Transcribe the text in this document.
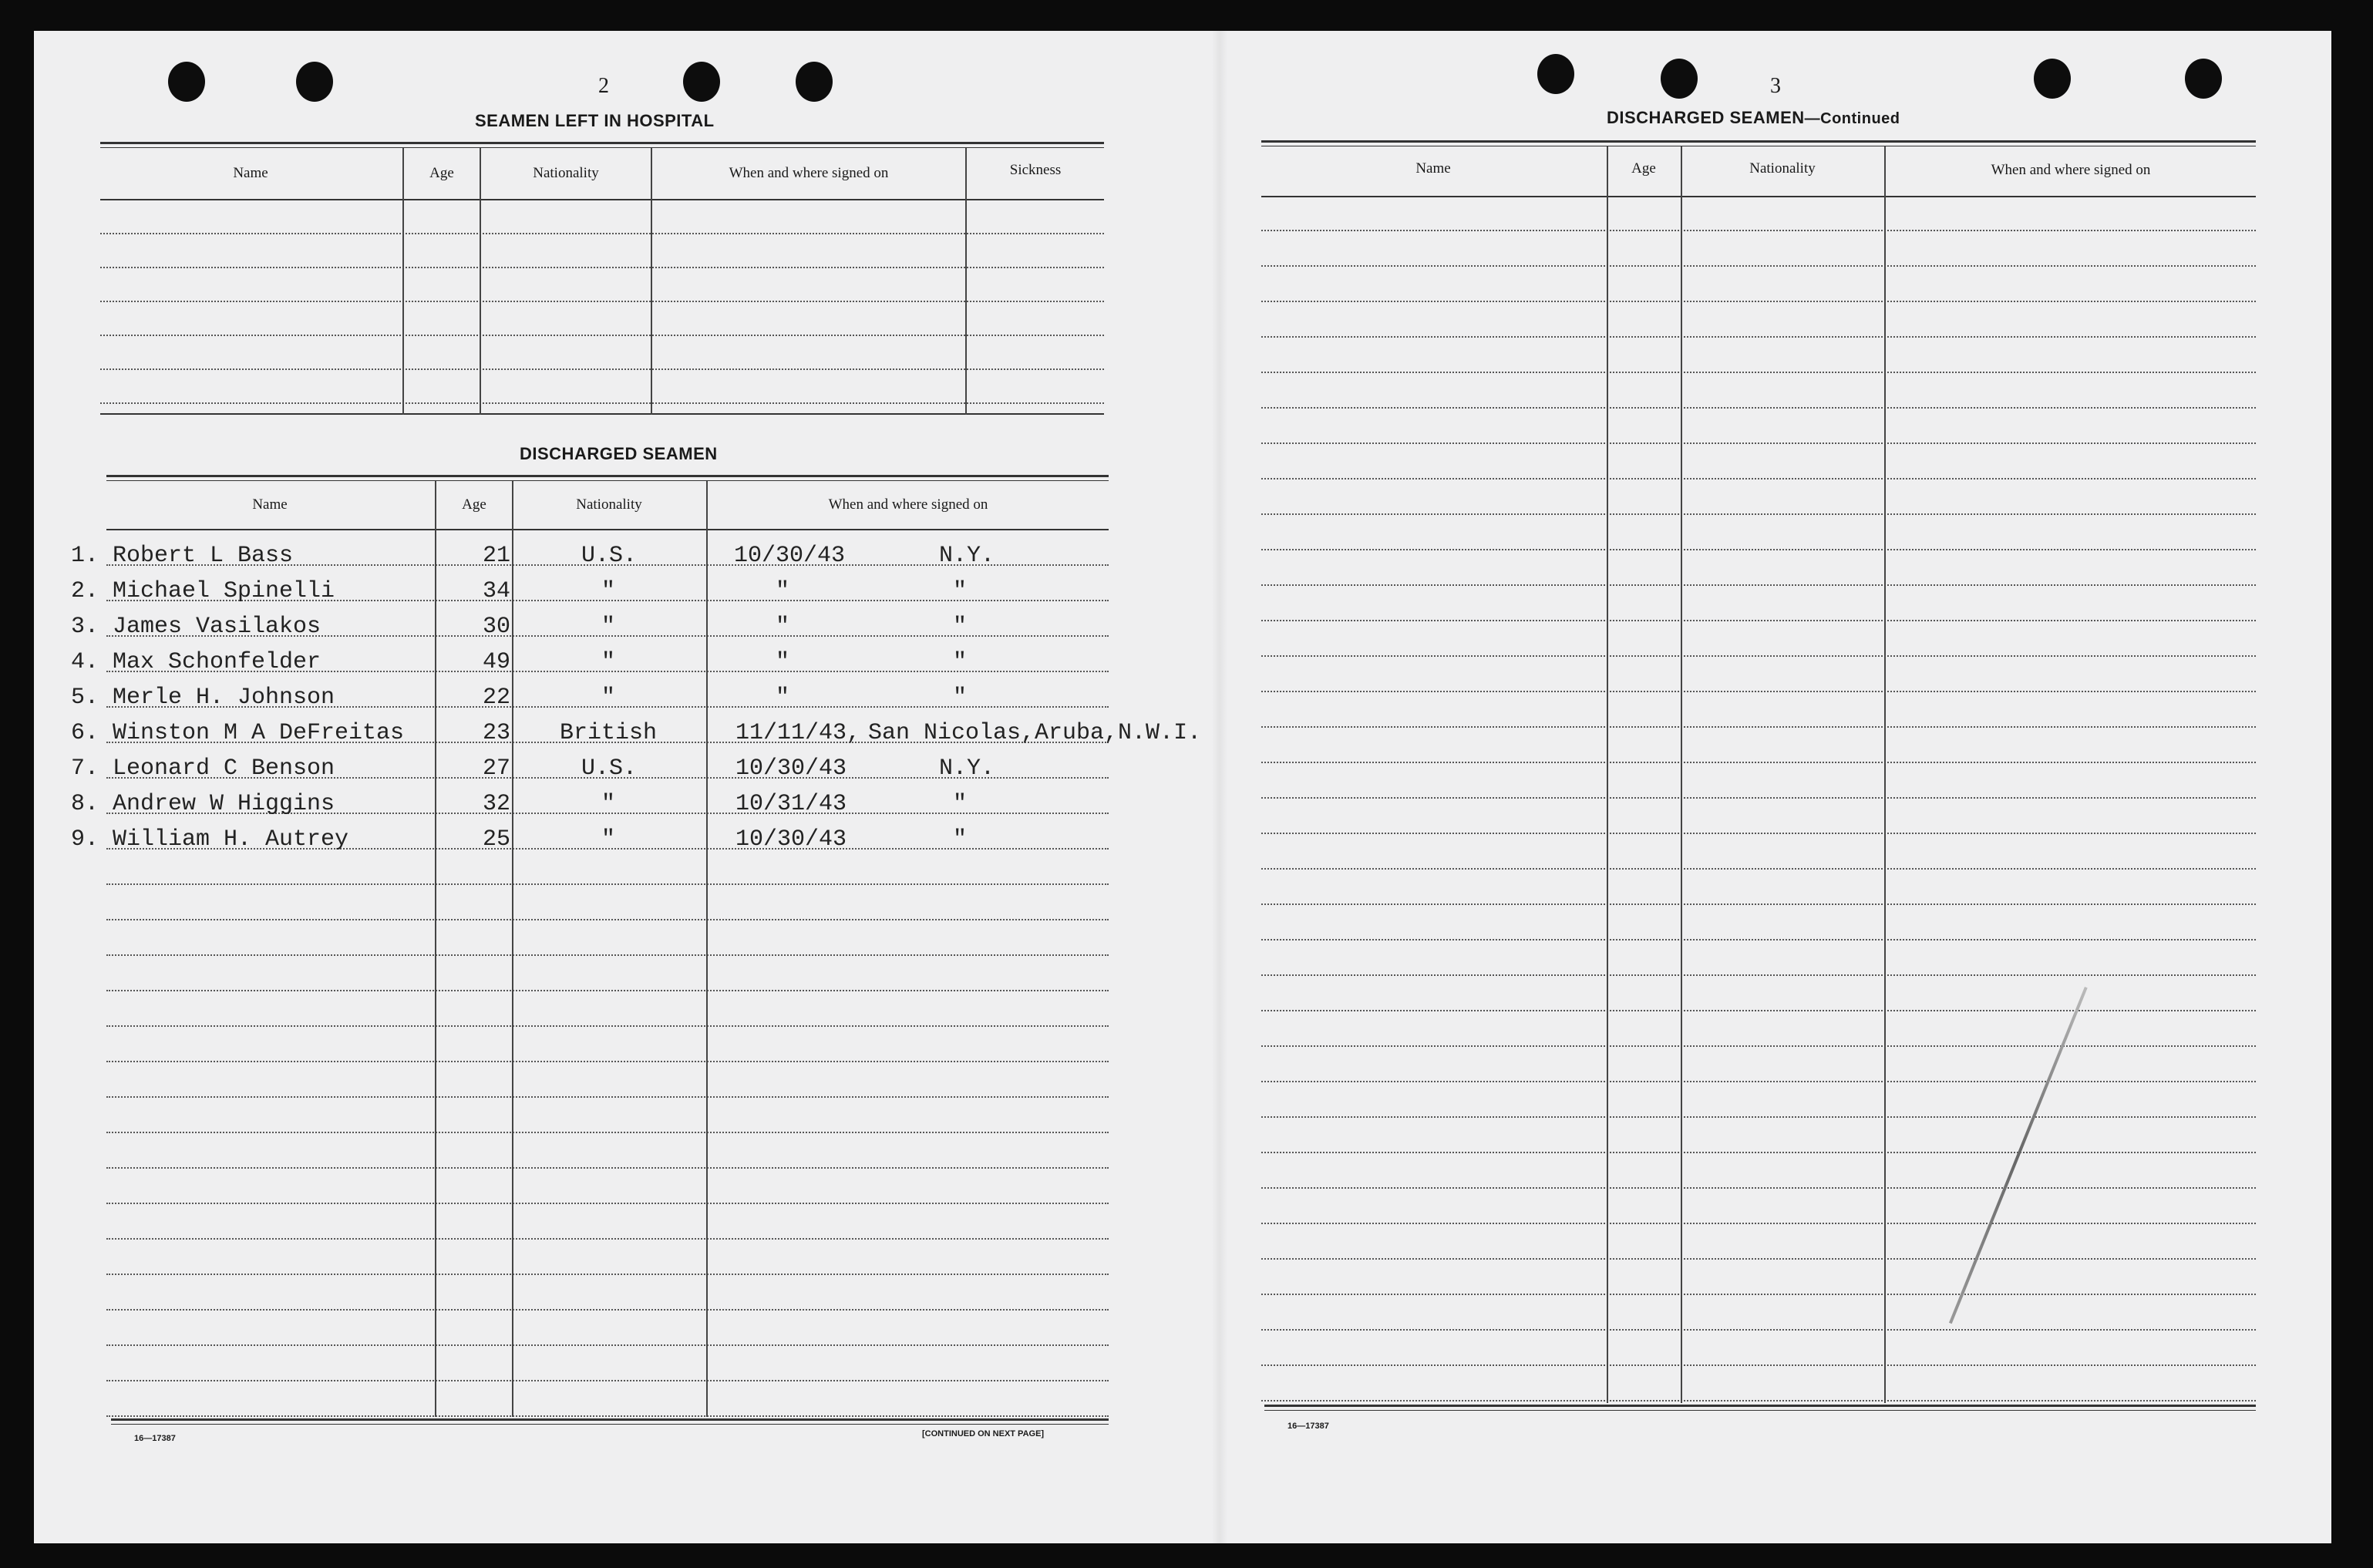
2
SEAMEN LEFT IN HOSPITAL
Name	Age	Nationality	When and where signed on	Sickness
DISCHARGED SEAMEN
Name	Age	Nationality	When and where signed on
1. Robert L Bass	21	U.S.	10/30/43	N.Y.
2. Michael Spinelli	34	"	"	"
3. James Vasilakos	30	"	"	"
4. Max Schonfelder	49	"	"	"
5. Merle H. Johnson	22	"	"	"
6. Winston M A DeFreitas	23 British	11/11/43, San Nicolas,Aruba,N.W.I.
7. Leonard C Benson	27	U.S.	10/30/43	N.Y.
8. Andrew W Higgins	32	"	10/31/43	"
9. William H. Autrey	25	"	10/30/43	"
16—17387	[CONTINUED ON NEXT PAGE]
3
DISCHARGED SEAMEN—Continued
Name	Age	Nationality	When and where signed on
16—17387
